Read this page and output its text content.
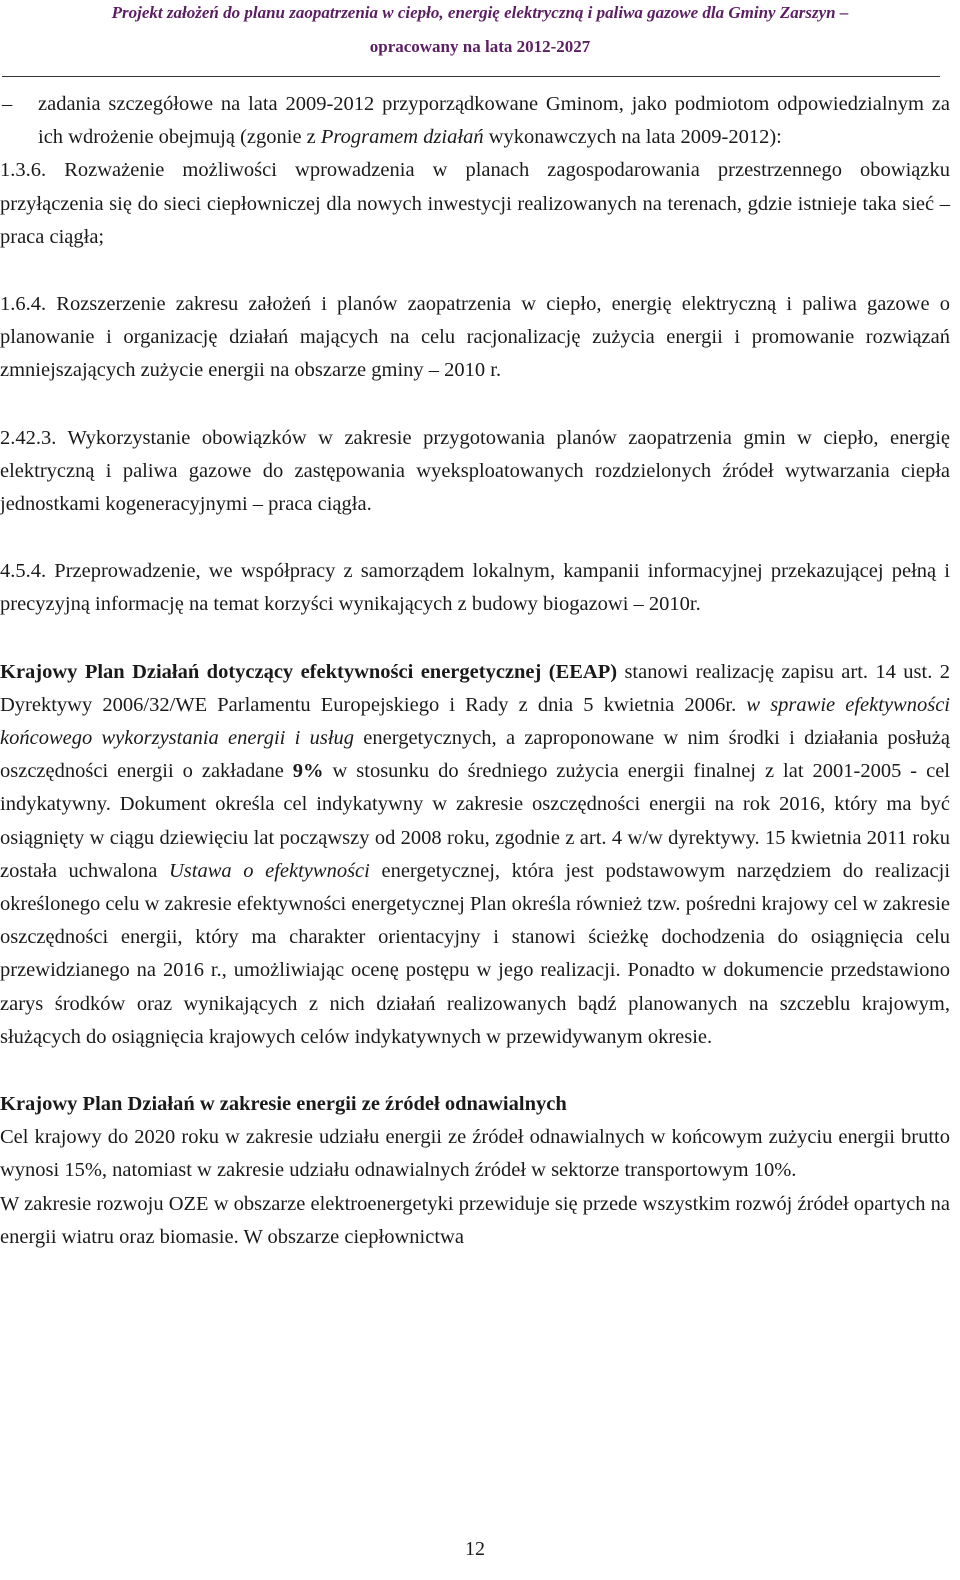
Projekt założeń do planu zaopatrzenia w ciepło, energię elektryczną i paliwa gazowe dla Gminy Zarszyn –
opracowany na lata 2012-2027

– zadania szczegółowe na lata 2009-2012 przyporządkowane Gminom, jako podmiotom odpowiedzialnym za ich wdrożenie obejmują (zgonie z Programem działań wykonawczych na lata 2009-2012):

1.3.6. Rozważenie możliwości wprowadzenia w planach zagospodarowania przestrzennego obowiązku przyłączenia się do sieci ciepłowniczej dla nowych inwestycji realizowanych na terenach, gdzie istnieje taka sieć – praca ciągła;

1.6.4. Rozszerzenie zakresu założeń i planów zaopatrzenia w ciepło, energię elektryczną i paliwa gazowe o planowanie i organizację działań mających na celu racjonalizację zużycia energii i promowanie rozwiązań zmniejszających zużycie energii na obszarze gminy – 2010 r.

2.42.3. Wykorzystanie obowiązków w zakresie przygotowania planów zaopatrzenia gmin w ciepło, energię elektryczną i paliwa gazowe do zastępowania wyeksploatowanych rozdzielonych źródeł wytwarzania ciepła jednostkami kogeneracyjnymi – praca ciągła.

4.5.4. Przeprowadzenie, we współpracy z samorządem lokalnym, kampanii informacyjnej przekazującej pełną i precyzyjną informację na temat korzyści wynikających z budowy biogazowi – 2010r.

Krajowy Plan Działań dotyczący efektywności energetycznej (EEAP) stanowi realizację zapisu art. 14 ust. 2 Dyrektywy 2006/32/WE Parlamentu Europejskiego i Rady z dnia 5 kwietnia 2006r. w sprawie efektywności końcowego wykorzystania energii i usług energetycznych, a zaproponowane w nim środki i działania posłużą oszczędności energii o zakładane 9% w stosunku do średniego zużycia energii finalnej z lat 2001-2005 - cel indykatywny. Dokument określa cel indykatywny w zakresie oszczędności energii na rok 2016, który ma być osiągnięty w ciągu dziewięciu lat począwszy od 2008 roku, zgodnie z art. 4 w/w dyrektywy. 15 kwietnia 2011 roku została uchwalona Ustawa o efektywności energetycznej, która jest podstawowym narzędziem do realizacji określonego celu w zakresie efektywności energetycznej Plan określa również tzw. pośredni krajowy cel w zakresie oszczędności energii, który ma charakter orientacyjny i stanowi ścieżkę dochodzenia do osiągnięcia celu przewidzianego na 2016 r., umożliwiając ocenę postępu w jego realizacji. Ponadto w dokumencie przedstawiono zarys środków oraz wynikających z nich działań realizowanych bądź planowanych na szczeblu krajowym, służących do osiągnięcia krajowych celów indykatywnych w przewidywanym okresie.

Krajowy Plan Działań w zakresie energii ze źródeł odnawialnych

Cel krajowy do 2020 roku w zakresie udziału energii ze źródeł odnawialnych w końcowym zużyciu energii brutto wynosi 15%, natomiast w zakresie udziału odnawialnych źródeł w sektorze transportowym 10%.

W zakresie rozwoju OZE w obszarze elektroenergetyki przewiduje się przede wszystkim rozwój źródeł opartych na energii wiatru oraz biomasie. W obszarze ciepłownictwa

12
